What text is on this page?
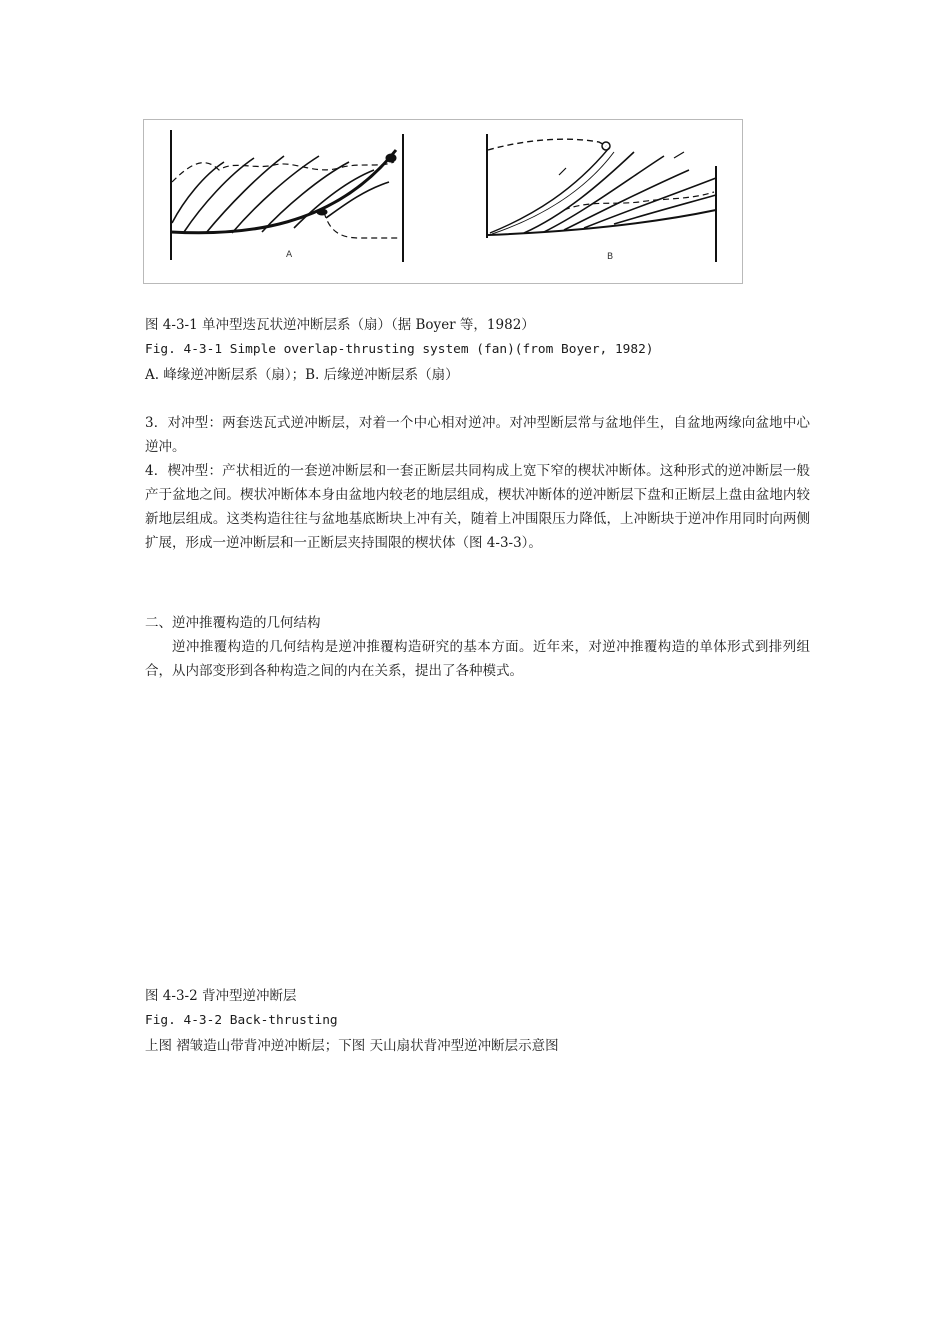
A	B
图 4-3-1 单冲型迭瓦状逆冲断层系（扇）（据 Boyer 等，1982）
Fig. 4-3-1 Simple overlap-thrusting system (fan)(from Boyer, 1982)
A. 峰缘逆冲断层系（扇）；B. 后缘逆冲断层系（扇）
3．对冲型：两套迭瓦式逆冲断层，对着一个中心相对逆冲。对冲型断层常与盆地伴生，自盆地两缘向盆地中心逆冲。
4．楔冲型：产状相近的一套逆冲断层和一套正断层共同构成上宽下窄的楔状冲断体。这种形式的逆冲断层一般产于盆地之间。楔状冲断体本身由盆地内较老的地层组成，楔状冲断体的逆冲断层下盘和正断层上盘由盆地内较新地层组成。这类构造往往与盆地基底断块上冲有关，随着上冲围限压力降低，上冲断块于逆冲作用同时向两侧扩展，形成一逆冲断层和一正断层夹持围限的楔状体（图 4-3-3）。
二、逆冲推覆构造的几何结构
逆冲推覆构造的几何结构是逆冲推覆构造研究的基本方面。近年来，对逆冲推覆构造的单体形式到排列组合，从内部变形到各种构造之间的内在关系，提出了各种模式。
图 4-3-2 背冲型逆冲断层
Fig. 4-3-2 Back-thrusting
上图 褶皱造山带背冲逆冲断层；下图 天山扇状背冲型逆冲断层示意图
